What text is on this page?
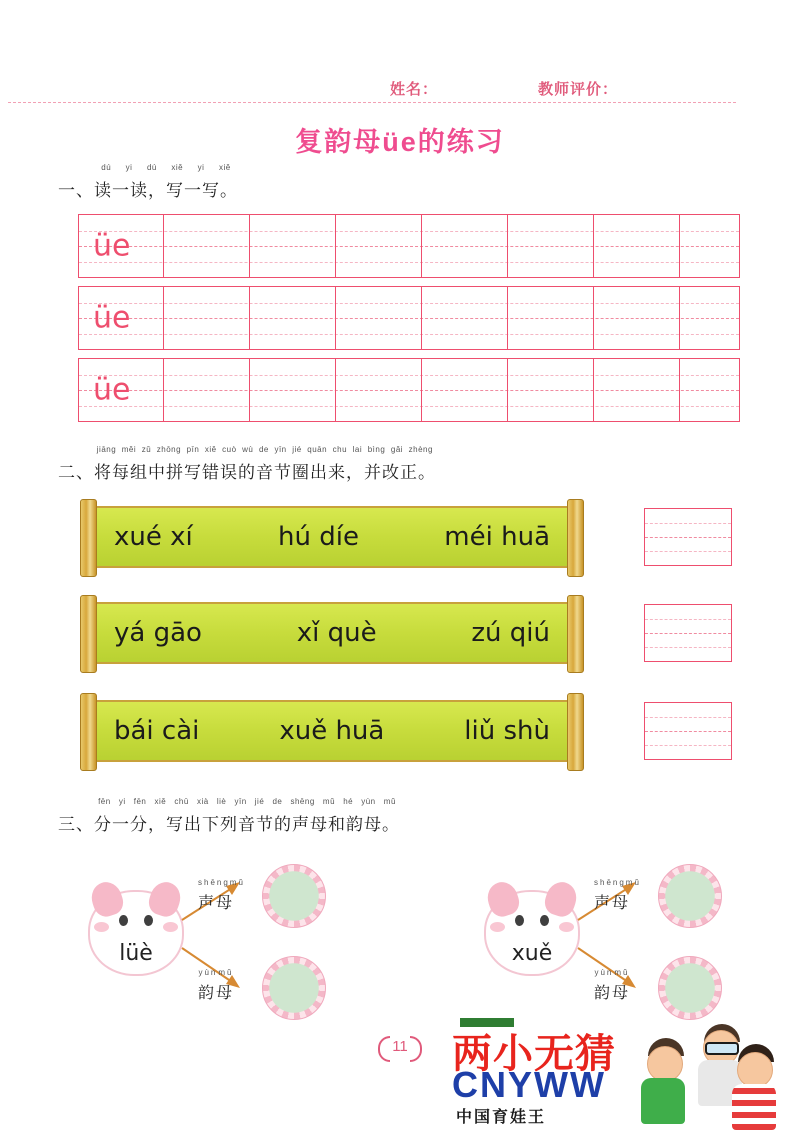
姓名：	教师评价：
复韵母üe的练习
一、
dú yi dú xiě yi xiě
读一读，写一写。
üe
üe
üe
二、
jiāng měi zǔ zhōng pīn xiě cuò wù de yīn jié quān chu lai bìng gǎi zhèng
将每组中拼写错误的音节圈出来，并改正。
xué xí	hú díe	méi huā
yá gāo	xǐ què	zú qiú
bái cài	xuě huā	liǔ shù
三、
fēn yi fēn xiě chū xià liè yīn jié de shēng mǔ hé yùn mǔ
分一分，写出下列音节的声母和韵母。
lüè
shēng mǔ
声母
yùn mǔ
韵母
xuě
shēng mǔ
声母
yùn mǔ
韵母
11	两小无猜
CNYWW
中国育娃王
